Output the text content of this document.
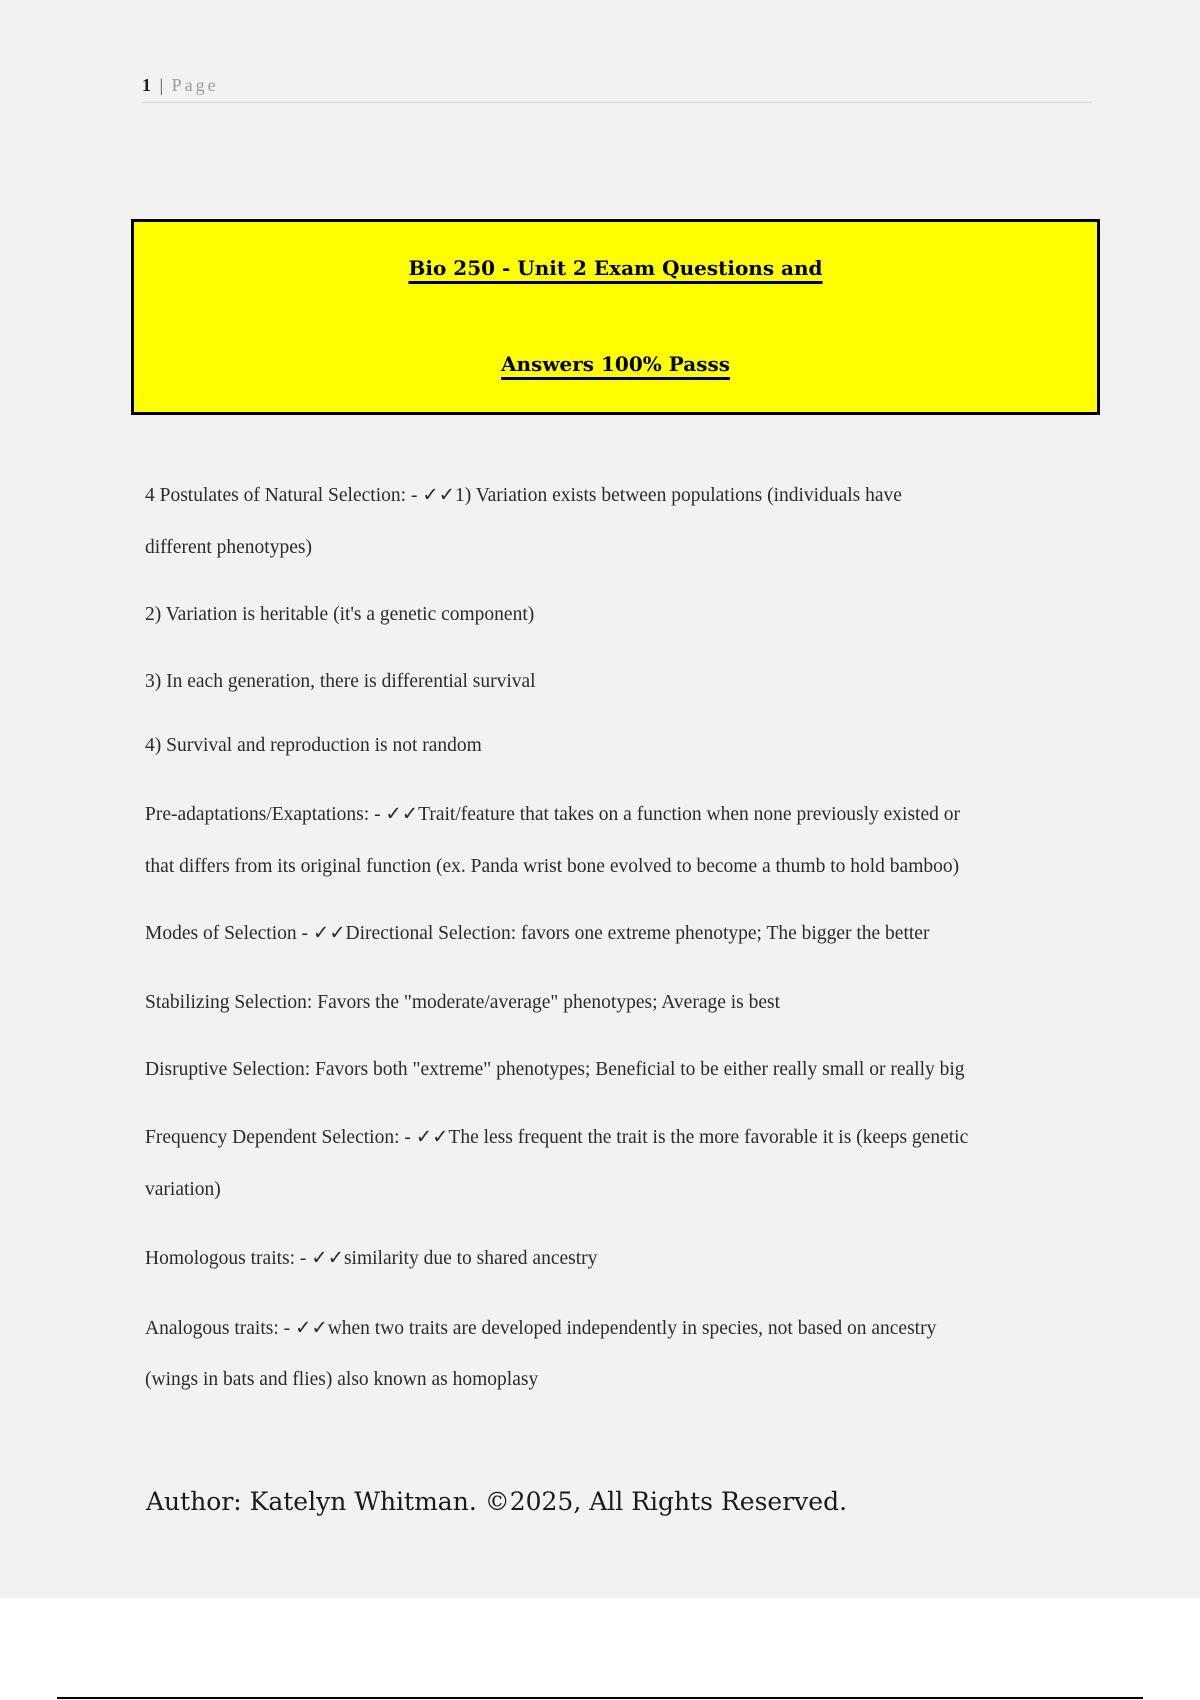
1 | Page
Bio 250 - Unit 2 Exam Questions and
Answers 100% Passs
4 Postulates of Natural Selection: - ✓✓1) Variation exists between populations (individuals have
different phenotypes)
2) Variation is heritable (it's a genetic component)
3) In each generation, there is differential survival
4) Survival and reproduction is not random
Pre-adaptations/Exaptations: - ✓✓Trait/feature that takes on a function when none previously existed or
that differs from its original function (ex. Panda wrist bone evolved to become a thumb to hold bamboo)
Modes of Selection - ✓✓Directional Selection: favors one extreme phenotype; The bigger the better
Stabilizing Selection: Favors the "moderate/average" phenotypes; Average is best
Disruptive Selection: Favors both "extreme" phenotypes; Beneficial to be either really small or really big
Frequency Dependent Selection: - ✓✓The less frequent the trait is the more favorable it is (keeps genetic
variation)
Homologous traits: - ✓✓similarity due to shared ancestry
Analogous traits: - ✓✓when two traits are developed independently in species, not based on ancestry
(wings in bats and flies) also known as homoplasy
Author: Katelyn Whitman. ©2025, All Rights Reserved.
